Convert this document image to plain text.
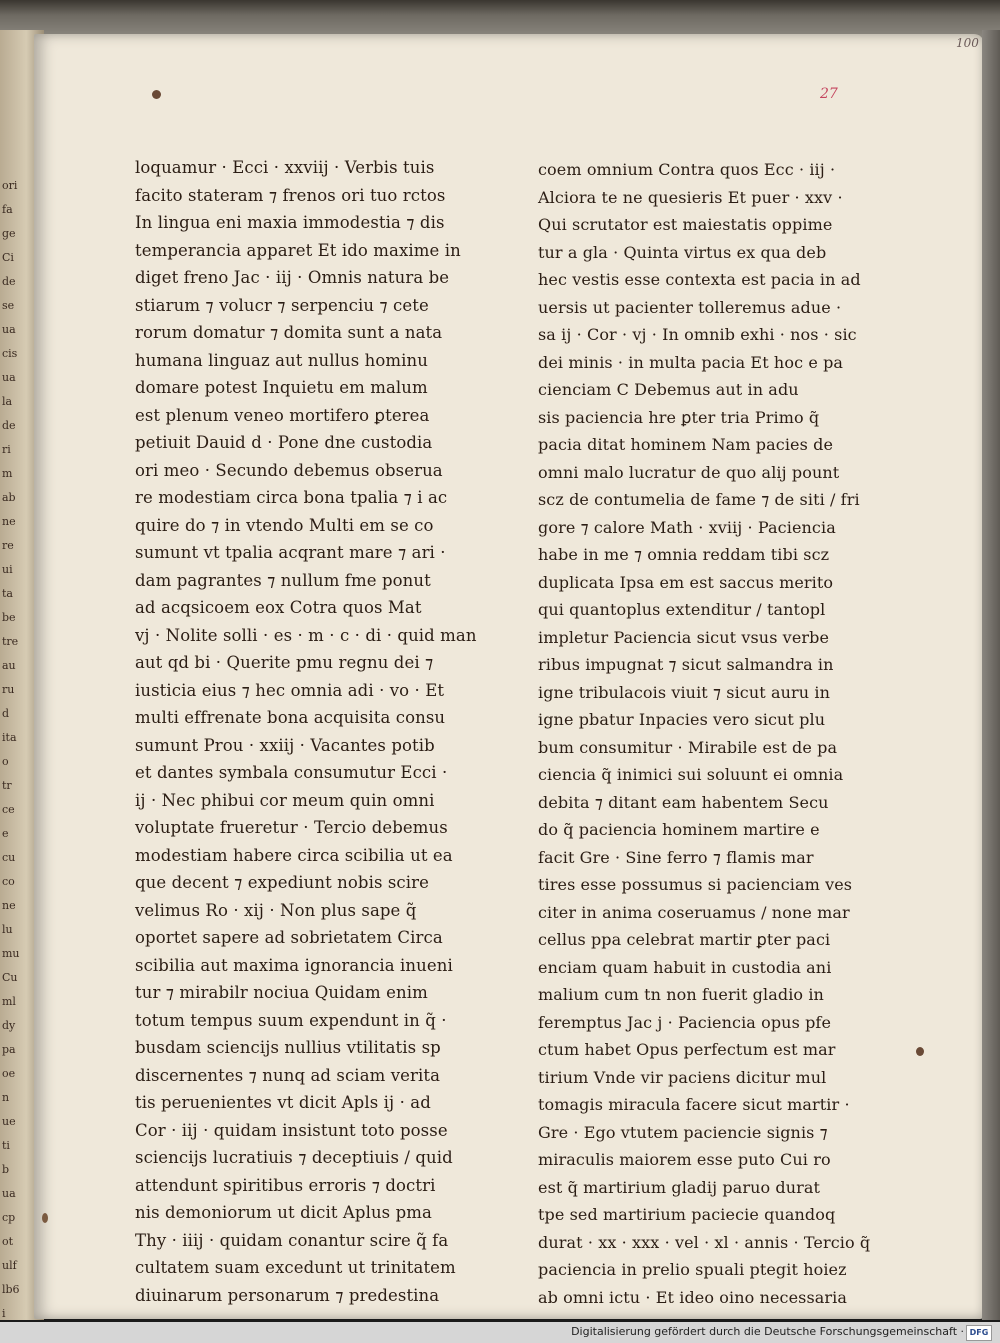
ori
fa
ge
Ci
de
se
ua
cis
ua
la
de
ri
m
ab
ne
re
ui
ta
be
tre
au
ru
d
ita
o
tr
ce
e
cu
co
ne
lu
mu
Cu
ml
dy
pa
oe
n
ue
ti
b
ua
cp
ot
ulf
lb6
i
100
27
loquamur · Ecci · xxviij · Verbis tuis
facito stateram ⁊ frenos ori tuo rctos
In lingua eni maxia immodestia ⁊ dis
temperancia apparet Et ido maxime in
diget freno Jac · iij · Omnis natura be
stiarum ⁊ volucr ⁊ serpenciu ⁊ cete
rorum domatur ⁊ domita sunt a nata
humana linguaz aut nullus hominu
domare potest Inquietu em malum
est plenum veneo mortifero ꝑterea
petiuit Dauid d · Pone dne custodia
ori meo · Secundo debemus obserua
re modestiam circa bona tpalia ⁊ i ac
quire do ⁊ in vtendo Multi em se co
sumunt vt tpalia acqrant mare ⁊ ari ·
dam pagrantes ⁊ nullum fme ponut
ad acqsicoem eox Cotra quos Mat
vj · Nolite solli · es · m · c · di · quid man
aut qd bi · Querite pmu regnu dei ⁊
iusticia eius ⁊ hec omnia adi · vo · Et
multi effrenate bona acquisita consu
sumunt Prou · xxiij · Vacantes potib
et dantes symbala consumutur Ecci ·
ij · Nec phibui cor meum quin omni
voluptate frueretur · Tercio debemus
modestiam habere circa scibilia ut ea
que decent ⁊ expediunt nobis scire
velimus Ro · xij · Non plus sape q̃
oportet sapere ad sobrietatem Circa
scibilia aut maxima ignorancia inueni
tur ⁊ mirabilr nociua Quidam enim
totum tempus suum expendunt in q̃ ·
busdam sciencijs nullius vtilitatis sp
discernentes ⁊ nunq ad sciam verita
tis peruenientes vt dicit Apls ij · ad
Cor · iij · quidam insistunt toto posse
sciencijs lucratiuis ⁊ deceptiuis / quid
attendunt spiritibus erroris ⁊ doctri
nis demoniorum ut dicit Aplus pma
Thy · iiij · quidam conantur scire q̃ fa
cultatem suam excedunt ut trinitatem
diuinarum personarum ⁊ predestina
coem omnium Contra quos Ecc · iij ·
Alciora te ne quesieris Et puer · xxv ·
Qui scrutator est maiestatis oppime
tur a gla · Quinta virtus ex qua deb
hec vestis esse contexta est pacia in ad
uersis ut pacienter tolleremus adue ·
sa ij · Cor · vj · In omnib exhi · nos · sic
dei minis · in multa pacia Et hoc e pa
cienciam C Debemus aut in adu
sis paciencia hre ꝑter tria Primo q̃
pacia ditat hominem Nam pacies de
omni malo lucratur de quo alij pount
scz de contumelia de fame ⁊ de siti / fri
gore ⁊ calore Math · xviij · Paciencia
habe in me ⁊ omnia reddam tibi scz
duplicata Ipsa em est saccus merito
qui quantoplus extenditur / tantopl
impletur Paciencia sicut vsus verbe
ribus impugnat ⁊ sicut salmandra in
igne tribulacois viuit ⁊ sicut auru in
igne pbatur Inpacies vero sicut plu
bum consumitur · Mirabile est de pa
ciencia q̃ inimici sui soluunt ei omnia
debita ⁊ ditant eam habentem Secu
do q̃ paciencia hominem martire e
facit Gre · Sine ferro ⁊ flamis mar
tires esse possumus si pacienciam ves
citer in anima coseruamus / none mar
cellus ppa celebrat martir ꝑter paci
enciam quam habuit in custodia ani
malium cum tn non fuerit gladio in
feremptus Jac j · Paciencia opus pfe
ctum habet Opus perfectum est mar
tirium Vnde vir paciens dicitur mul
tomagis miracula facere sicut martir ·
Gre · Ego vtutem paciencie signis ⁊
miraculis maiorem esse puto Cui ro
est q̃ martirium gladij paruo durat
tpe sed martirium paciecie quandoq
durat · xx · xxx · vel · xl · annis · Tercio q̃
paciencia in prelio spuali ptegit hoiez
ab omni ictu · Et ideo oino necessaria
Digitalisierung gefördert durch die Deutsche Forschungsgemeinschaft · DFG
